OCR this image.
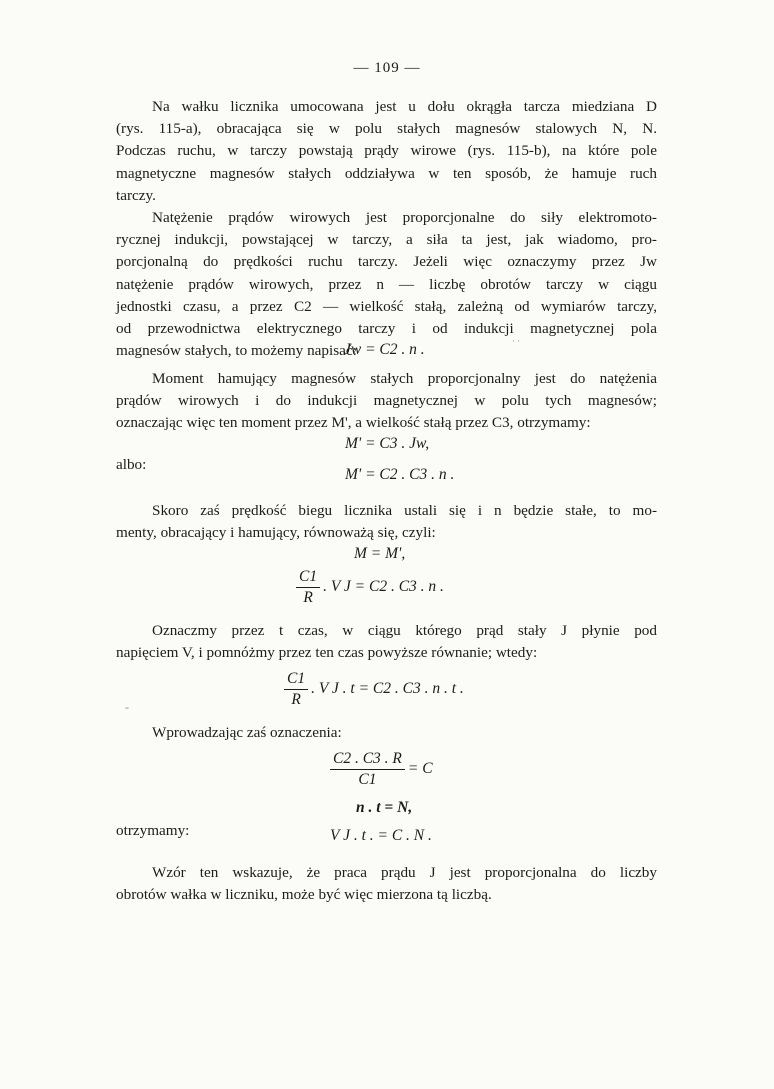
— 109 —
Na wałku licznika umocowana jest u dołu okrągła tarcza miedziana D
(rys. 115-a), obracająca się w polu stałych magnesów stalowych N, N.
Podczas ruchu, w tarczy powstają prądy wirowe (rys. 115-b), na które pole
magnetyczne magnesów stałych oddziaływa w ten sposób, że hamuje ruch
tarczy.
Natężenie prądów wirowych jest proporcjonalne do siły elektromoto-
rycznej indukcji, powstającej w tarczy, a siła ta jest, jak wiadomo, pro-
porcjonalną do prędkości ruchu tarczy. Jeżeli więc oznaczymy przez Jw
natężenie prądów wirowych, przez n — liczbę obrotów tarczy w ciągu
jednostki czasu, a przez C2 — wielkość stałą, zależną od wymiarów tarczy,
od przewodnictwa elektrycznego tarczy i od indukcji magnetycznej pola
magnesów stałych, to możemy napisać:
Jw = C2 . n .	· ·
Moment hamujący magnesów stałych proporcjonalny jest do natężenia
prądów wirowych i do indukcji magnetycznej w polu tych magnesów;
oznaczając więc ten moment przez M', a wielkość stałą przez C3, otrzymamy:
M' = C3 . Jw,
albo:
M' = C2 . C3 . n .
Skoro zaś prędkość biegu licznika ustali się i n będzie stałe, to mo-
menty, obracający i hamujący, równoważą się, czyli:
M = M',
$\frac{C1}{R}$ . V J = C2 . C3 . n .
Oznaczmy przez t czas, w ciągu którego prąd stały J płynie pod
napięciem V, i pomnóżmy przez ten czas powyższe równanie; wtedy:
$\frac{C1}{R}$ . V J . t = C2 . C3 . n . t .
Wprowadzając zaś oznaczenia:
$\frac{C2 . C3 . R}{C1} = C$
n . t = N,
otrzymamy:	V J . t . = C . N .
Wzór ten wskazuje, że praca prądu J jest proporcjonalna do liczby
obrotów wałka w liczniku, może być więc mierzona tą liczbą.
-
